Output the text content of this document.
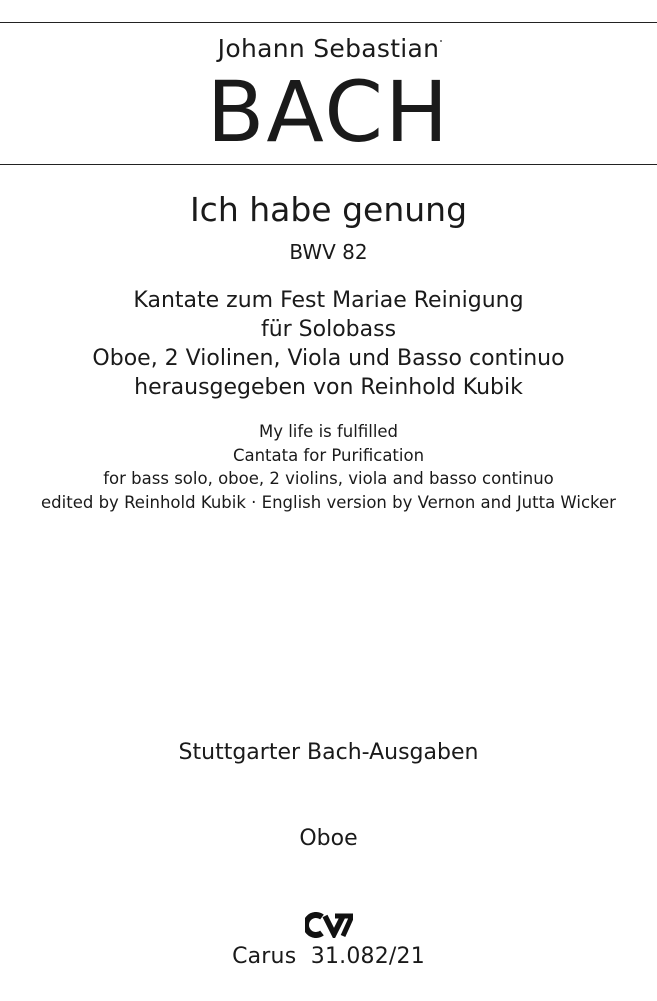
Johann Sebastian
BACH
Ich habe genung
BWV 82
Kantate zum Fest Mariae Reinigung
für Solobass
Oboe, 2 Violinen, Viola und Basso continuo
herausgegeben von Reinhold Kubik
My life is fulfilled
Cantata for Purification
for bass solo, oboe, 2 violins, viola and basso continuo
edited by Reinhold Kubik · English version by Vernon and Jutta Wicker
Stuttgarter Bach-Ausgaben
Oboe
Carus  31.082/21
